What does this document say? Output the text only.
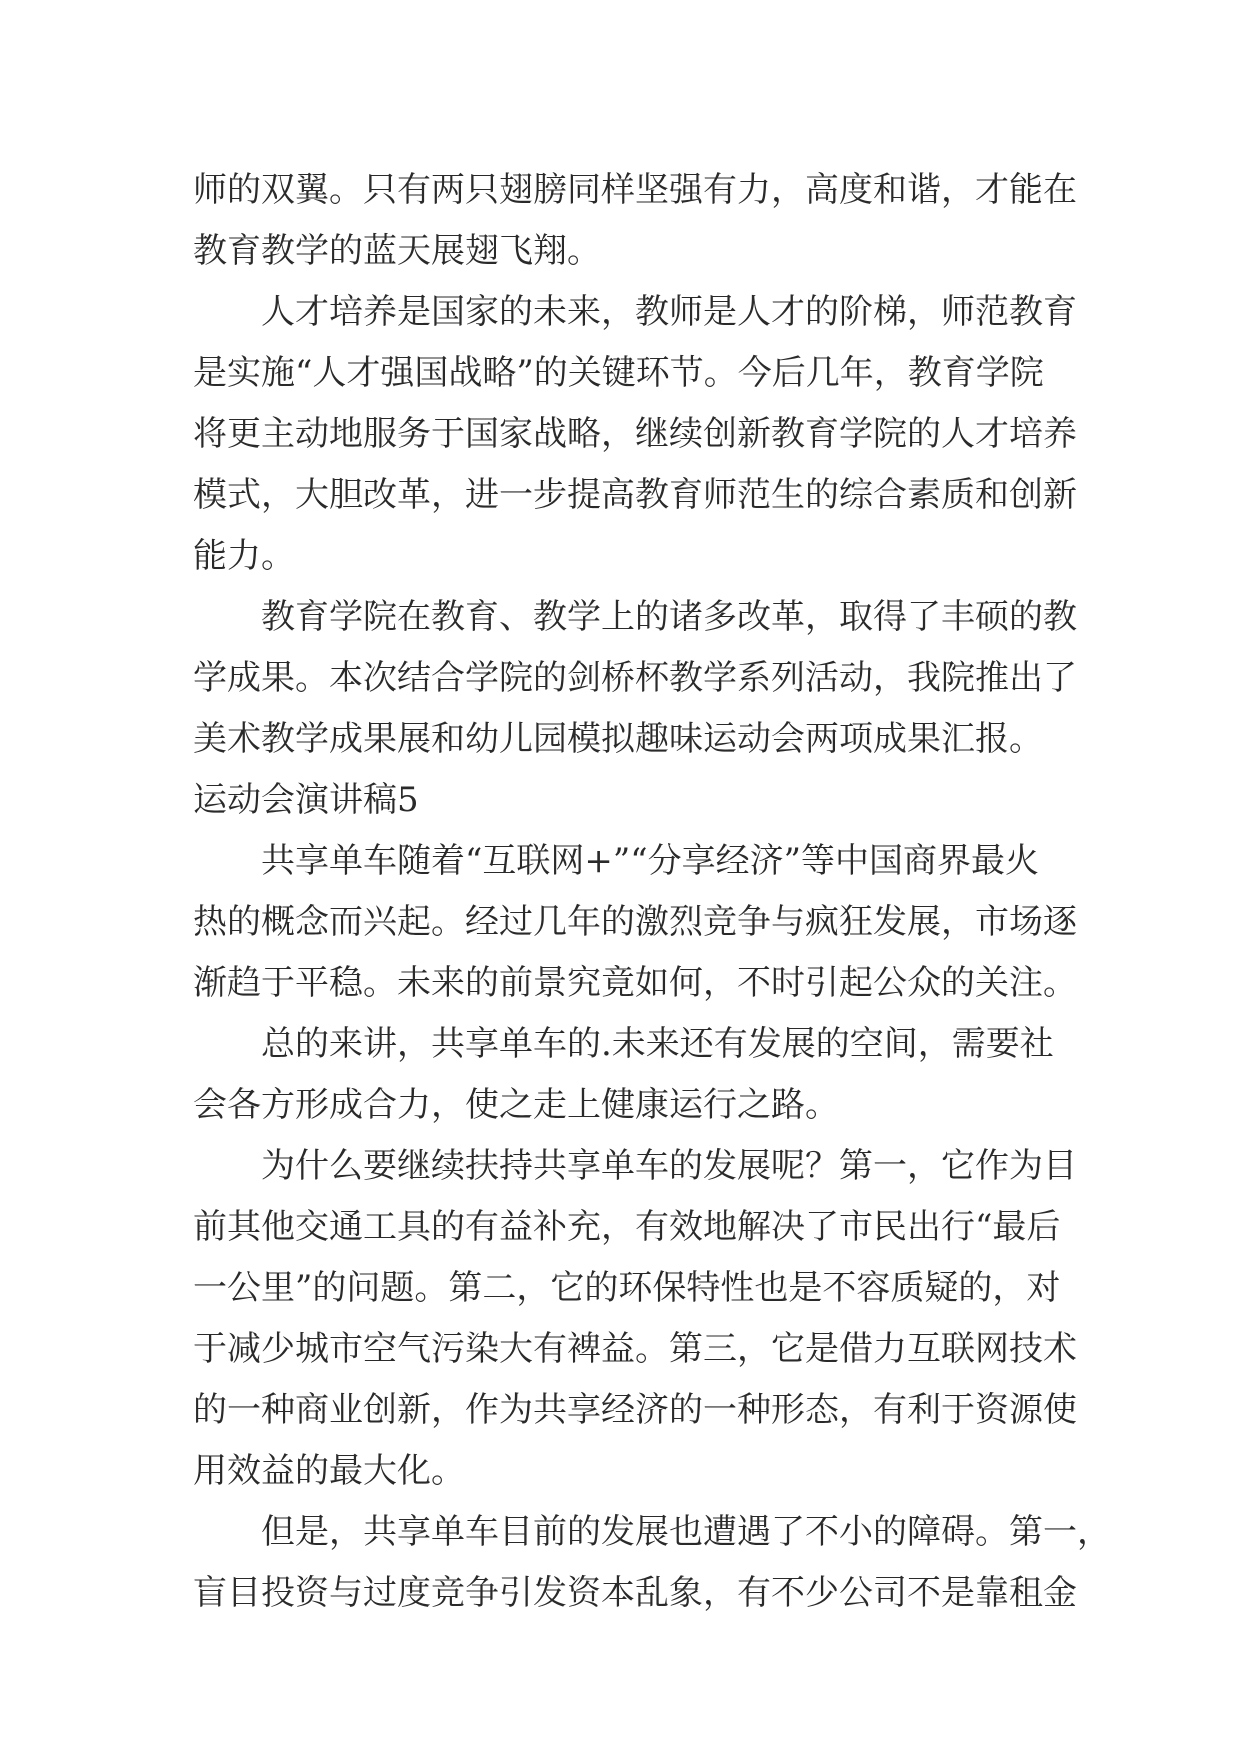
师的双翼。只有两只翅膀同样坚强有力，高度和谐，才能在
教育教学的蓝天展翅飞翔。
人才培养是国家的未来，教师是人才的阶梯，师范教育
是实施“人才强国战略”的关键环节。今后几年，教育学院
将更主动地服务于国家战略，继续创新教育学院的人才培养
模式，大胆改革，进一步提高教育师范生的综合素质和创新
能力。
教育学院在教育、教学上的诸多改革，取得了丰硕的教
学成果。本次结合学院的剑桥杯教学系列活动，我院推出了
美术教学成果展和幼儿园模拟趣味运动会两项成果汇报。
运动会演讲稿5
共享单车随着“互联网+”“分享经济”等中国商界最火
热的概念而兴起。经过几年的激烈竞争与疯狂发展，市场逐
渐趋于平稳。未来的前景究竟如何，不时引起公众的关注。
总的来讲，共享单车的.未来还有发展的空间，需要社
会各方形成合力，使之走上健康运行之路。
为什么要继续扶持共享单车的发展呢？第一，它作为目
前其他交通工具的有益补充，有效地解决了市民出行“最后
一公里”的问题。第二，它的环保特性也是不容质疑的，对
于减少城市空气污染大有裨益。第三，它是借力互联网技术
的一种商业创新，作为共享经济的一种形态，有利于资源使
用效益的最大化。
但是，共享单车目前的发展也遭遇了不小的障碍。第一，
盲目投资与过度竞争引发资本乱象，有不少公司不是靠租金
